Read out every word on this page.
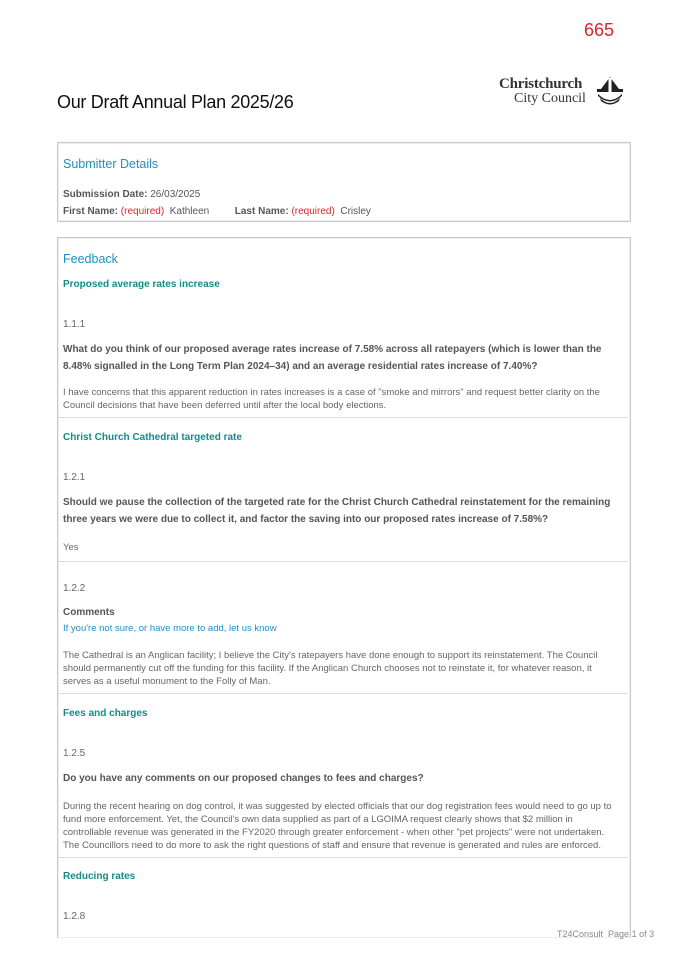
665
Our Draft Annual Plan 2025/26
Christchurch
City Council
Submitter Details
Submission Date: 26/03/2025
First Name: (required) Kathleen	Last Name: (required) Crisley
Feedback
Proposed average rates increase
1.1.1
What do you think of our proposed average rates increase of 7.58% across all ratepayers (which is lower than the 8.48% signalled in the Long Term Plan 2024–34) and an average residential rates increase of 7.40%?
I have concerns that this apparent reduction in rates increases is a case of "smoke and mirrors" and request better clarity on the Council decisions that have been deferred until after the local body elections.
Christ Church Cathedral targeted rate
1.2.1
Should we pause the collection of the targeted rate for the Christ Church Cathedral reinstatement for the remaining three years we were due to collect it, and factor the saving into our proposed rates increase of 7.58%?
Yes
1.2.2
Comments
If you're not sure, or have more to add, let us know
The Cathedral is an Anglican facility; I believe the City's ratepayers have done enough to support its reinstatement. The Council should permanently cut off the funding for this facility. If the Anglican Church chooses not to reinstate it, for whatever reason, it serves as a useful monument to the Folly of Man.
Fees and charges
1.2.5
Do you have any comments on our proposed changes to fees and charges?
During the recent hearing on dog control, it was suggested by elected officials that our dog registration fees would need to go up to fund more enforcement. Yet, the Council's own data supplied as part of a LGOIMA request clearly shows that $2 million in controllable revenue was generated in the FY2020 through greater enforcement - when other "pet projects" were not undertaken. The Councillors need to do more to ask the right questions of staff and ensure that revenue is generated and rules are enforced.
Reducing rates
1.2.8
T24Consult Page 1 of 3
